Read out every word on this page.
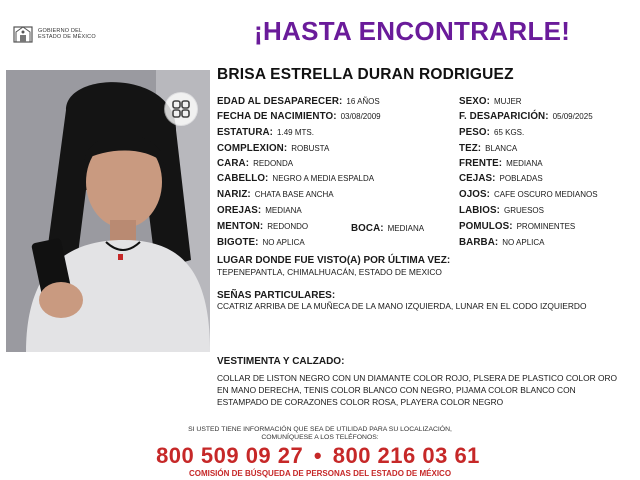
GOBIERNO DEL
ESTADO DE MÉXICO	¡HASTA ENCONTRARLE!
BRISA ESTRELLA DURAN RODRIGUEZ
EDAD AL DESAPARECER: 16 AÑOS	SEXO: MUJER
FECHA DE NACIMIENTO: 03/08/2009	F. DESAPARICIÓN: 05/09/2025
ESTATURA: 1.49 MTS.	PESO: 65 KGS.
COMPLEXION: ROBUSTA	TEZ: BLANCA
CARA: REDONDA	FRENTE: MEDIANA
CABELLO: NEGRO A MEDIA ESPALDA	CEJAS: POBLADAS
NARIZ: CHATA BASE ANCHA	OJOS: CAFE OSCURO MEDIANOS
OREJAS: MEDIANA	LABIOS: GRUESOS
MENTON: REDONDO	BOCA: MEDIANA	POMULOS: PROMINENTES
BIGOTE: NO APLICA	BARBA: NO APLICA
LUGAR DONDE FUE VISTO(A) POR ÚLTIMA VEZ:
TEPENEPANTLA, CHIMALHUACÁN, ESTADO DE MEXICO
SEÑAS PARTICULARES:
CCATRIZ ARRIBA DE LA MUÑECA DE LA MANO IZQUIERDA, LUNAR EN EL CODO IZQUIERDO
VESTIMENTA Y CALZADO:
COLLAR DE LISTON NEGRO CON UN DIAMANTE COLOR ROJO, PLSERA DE PLASTICO COLOR ORO EN MANO DERECHA, TENIS COLOR BLANCO CON NEGRO, PIJAMA COLOR BLANCO CON ESTAMPADO DE CORAZONES COLOR ROSA, PLAYERA COLOR NEGRO
SI USTED TIENE INFORMACIÓN QUE SEA DE UTILIDAD PARA SU LOCALIZACIÓN,
COMUNÍQUESE A LOS TELÉFONOS:
800 509 09 27 • 800 216 03 61
COMISIÓN DE BÚSQUEDA DE PERSONAS DEL ESTADO DE MÉXICO
